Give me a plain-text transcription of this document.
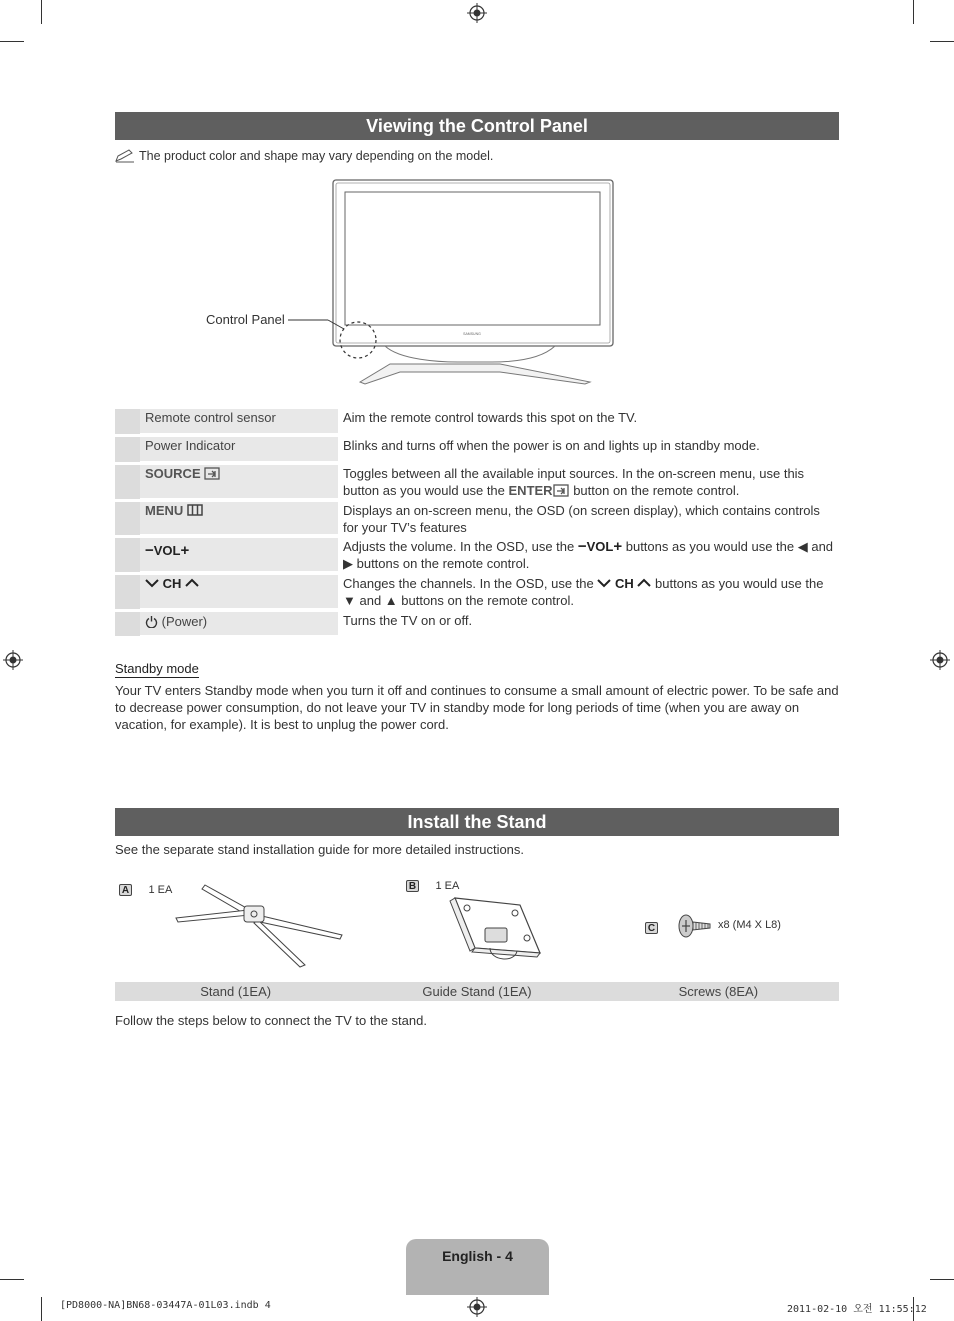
Viewing the Control Panel
The product color and shape may vary depending on the model.
SAMSUNG
Control Panel
Remote control sensor	Aim the remote control towards this spot on the TV.
Power Indicator	Blinks and turns off when the power is on and lights up in standby mode.
SOURCE	Toggles between all the available input sources. In the on-screen menu, use this button as you would use the ENTER button on the remote control.
MENU	Displays an on-screen menu, the OSD (on screen display), which contains controls for your TV’s features
−VOL+	Adjusts the volume. In the OSD, use the −VOL+ buttons as you would use the ◀ and ▶ buttons on the remote control.
CH	Changes the channels. In the OSD, use the  CH  buttons as you would use the ▼ and ▲ buttons on the remote control.
(Power)	Turns the TV on or off.
Standby mode
Your TV enters Standby mode when you turn it off and continues to consume a small amount of electric power. To be safe and to decrease power consumption, do not leave your TV in standby mode for long periods of time (when you are away on vacation, for example). It is best to unplug the power cord.
Install the Stand
See the separate stand installation guide for more detailed instructions.
A 1 EA	B 1 EA
C	x8 (M4 X L8)
Stand (1EA)	Guide Stand (1EA)	Screws (8EA)
Follow the steps below to connect the TV to the stand.
English - 4
[PD8000-NA]BN68-03447A-01L03.indb 4	2011-02-10 오전 11:55:12
